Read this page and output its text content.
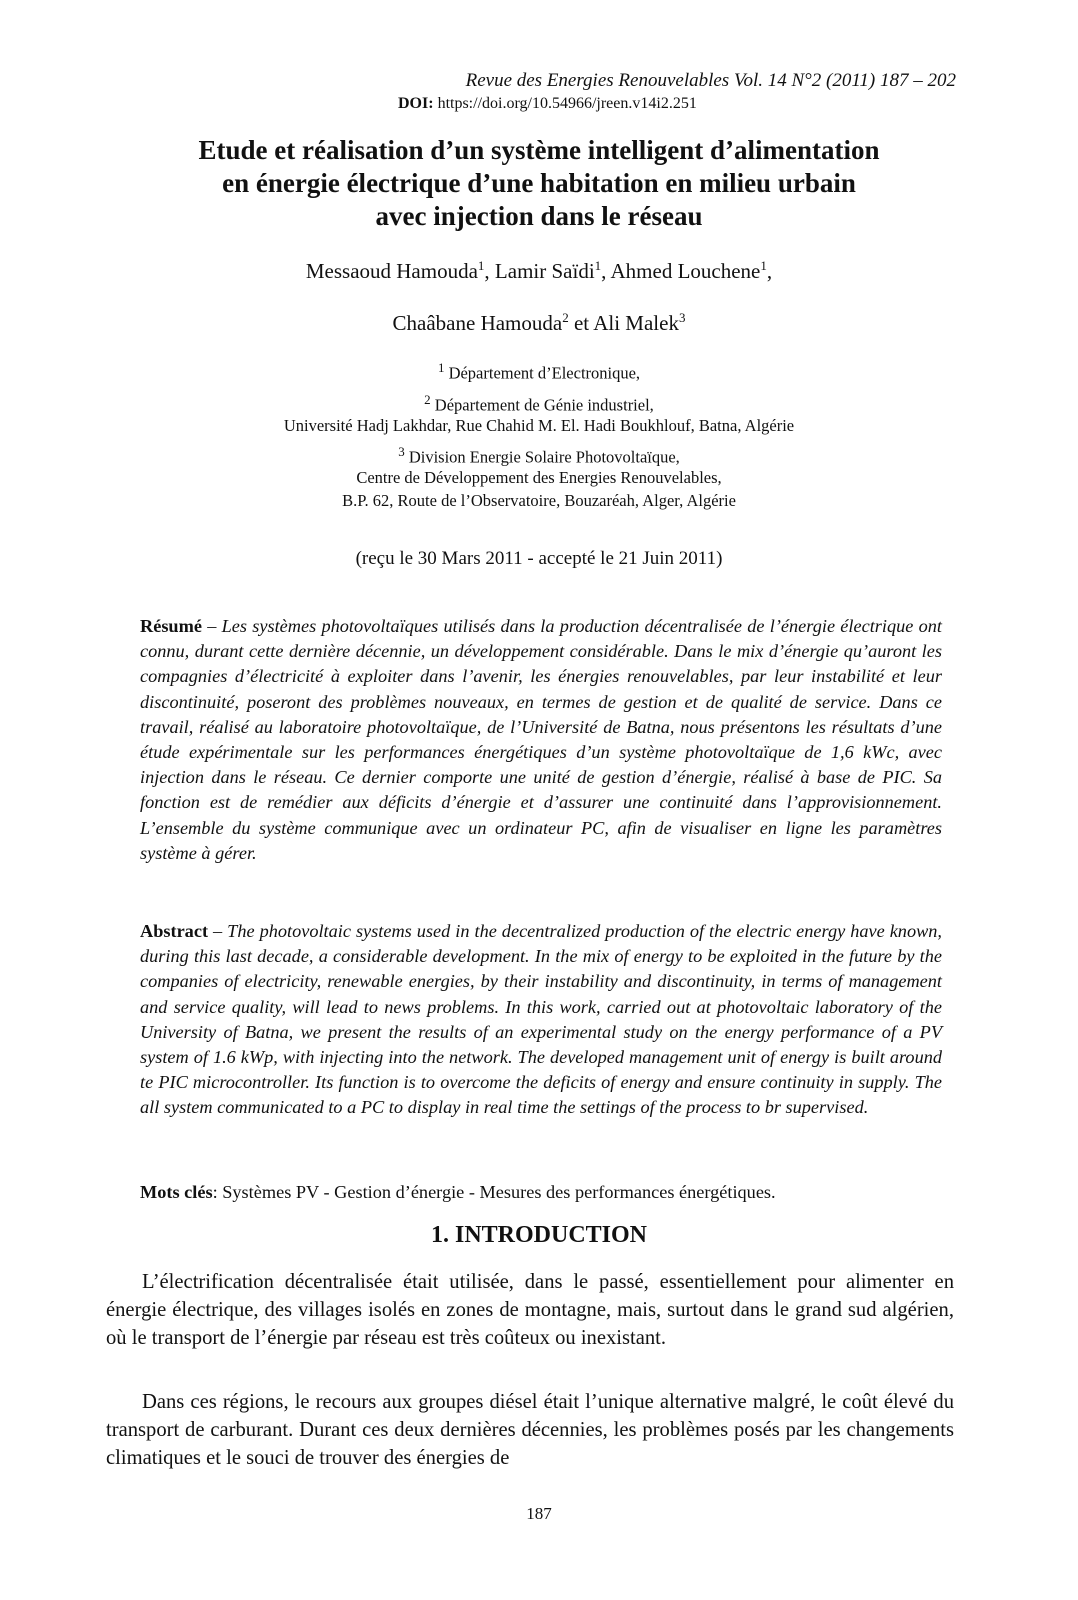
Revue des Energies Renouvelables Vol. 14 N°2 (2011) 187 – 202
DOI: https://doi.org/10.54966/jreen.v14i2.251
Etude et réalisation d’un système intelligent d’alimentation
en énergie électrique d’une habitation en milieu urbain
avec injection dans le réseau
Messaoud Hamouda$^1$, Lamir Saïdi$^1$, Ahmed Louchene$^1$,
Chaâbane Hamouda$^2$ et Ali Malek$^3$
$^1$ Département d’Electronique,
$^2$ Département de Génie industriel,
Université Hadj Lakhdar, Rue Chahid M. El. Hadi Boukhlouf, Batna, Algérie
$^3$ Division Energie Solaire Photovoltaïque,
Centre de Développement des Energies Renouvelables,
B.P. 62, Route de l’Observatoire, Bouzaréah, Alger, Algérie
(reçu le 30 Mars 2011 - accepté le 21 Juin 2011)
Résumé – Les systèmes photovoltaïques utilisés dans la production décentralisée de l’énergie électrique ont connu, durant cette dernière décennie, un développement considérable. Dans le mix d’énergie qu’auront les compagnies d’électricité à exploiter dans l’avenir, les énergies renouvelables, par leur instabilité et leur discontinuité, poseront des problèmes nouveaux, en termes de gestion et de qualité de service. Dans ce travail, réalisé au laboratoire photovoltaïque, de l’Université de Batna, nous présentons les résultats d’une étude expérimentale sur les performances énergétiques d’un système photovoltaïque de 1,6 kWc, avec injection dans le réseau. Ce dernier comporte une unité de gestion d’énergie, réalisé à base de PIC. Sa fonction est de remédier aux déficits d’énergie et d’assurer une continuité dans l’approvisionnement. L’ensemble du système communique avec un ordinateur PC, afin de visualiser en ligne les paramètres système à gérer.
Abstract – The photovoltaic systems used in the decentralized production of the electric energy have known, during this last decade, a considerable development. In the mix of energy to be exploited in the future by the companies of electricity, renewable energies, by their instability and discontinuity, in terms of management and service quality, will lead to news problems. In this work, carried out at photovoltaic laboratory of the University of Batna, we present the results of an experimental study on the energy performance of a PV system of 1.6 kWp, with injecting into the network. The developed management unit of energy is built around te PIC microcontroller. Its function is to overcome the deficits of energy and ensure continuity in supply. The all system communicated to a PC to display in real time the settings of the process to br supervised.
Mots clés: Systèmes PV - Gestion d’énergie - Mesures des performances énergétiques.
1. INTRODUCTION
L’électrification décentralisée était utilisée, dans le passé, essentiellement pour alimenter en énergie électrique, des villages isolés en zones de montagne, mais, surtout dans le grand sud algérien, où le transport de l’énergie par réseau est très coûteux ou inexistant.
Dans ces régions, le recours aux groupes diésel était l’unique alternative malgré, le coût élevé du transport de carburant. Durant ces deux dernières décennies, les problèmes posés par les changements climatiques et le souci de trouver des énergies de
187
